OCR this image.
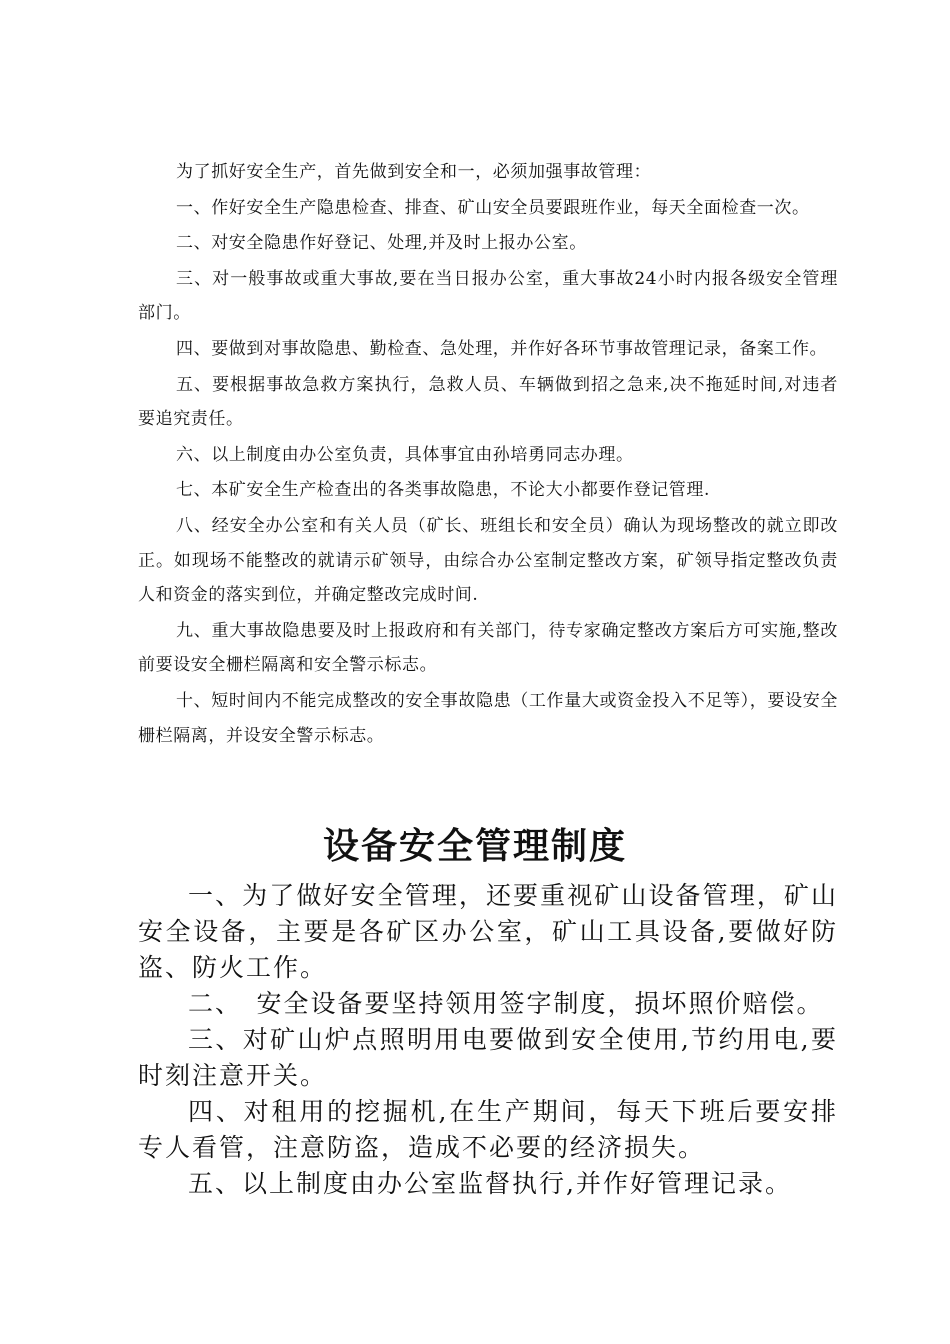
为了抓好安全生产，首先做到安全和一，必须加强事故管理：

一、作好安全生产隐患检查、排查、矿山安全员要跟班作业，每天全面检查一次。

二、对安全隐患作好登记、处理,并及时上报办公室。

三、对一般事故或重大事故,要在当日报办公室，重大事故24小时内报各级安全管理部门。

四、要做到对事故隐患、勤检查、急处理，并作好各环节事故管理记录，备案工作。

五、要根据事故急救方案执行，急救人员、车辆做到招之急来,决不拖延时间,对违者要追究责任。

六、以上制度由办公室负责，具体事宜由孙培勇同志办理。

七、本矿安全生产检查出的各类事故隐患，不论大小都要作登记管理.

八、经安全办公室和有关人员（矿长、班组长和安全员）确认为现场整改的就立即改正。如现场不能整改的就请示矿领导，由综合办公室制定整改方案，矿领导指定整改负责人和资金的落实到位，并确定整改完成时间.

九、重大事故隐患要及时上报政府和有关部门，待专家确定整改方案后方可实施,整改前要设安全栅栏隔离和安全警示标志。

十、短时间内不能完成整改的安全事故隐患（工作量大或资金投入不足等），要设安全栅栏隔离，并设安全警示标志。

设备安全管理制度

一、为了做好安全管理，还要重视矿山设备管理，矿山安全设备，主要是各矿区办公室，矿山工具设备,要做好防盗、防火工作。

二、　安全设备要坚持领用签字制度，损坏照价赔偿。

三、对矿山炉点照明用电要做到安全使用,节约用电,要时刻注意开关。

四、对租用的挖掘机,在生产期间，每天下班后要安排专人看管，注意防盗，造成不必要的经济损失。

五、以上制度由办公室监督执行,并作好管理记录。
